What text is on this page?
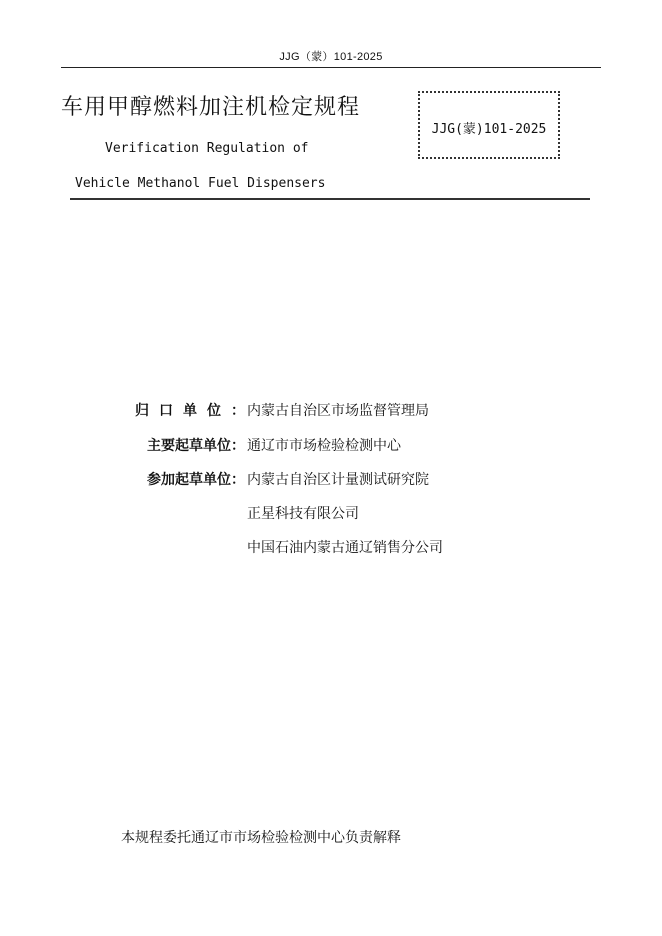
JJG（蒙）101-2025
车用甲醇燃料加注机检定规程
Verification Regulation of
Vehicle Methanol Fuel Dispensers
JJG(蒙)101-2025
归口单位：
内蒙古自治区市场监督管理局
主要起草单位： 通辽市市场检验检测中心
参加起草单位： 内蒙古自治区计量测试研究院
正星科技有限公司
中国石油内蒙古通辽销售分公司
本规程委托通辽市市场检验检测中心负责解释
